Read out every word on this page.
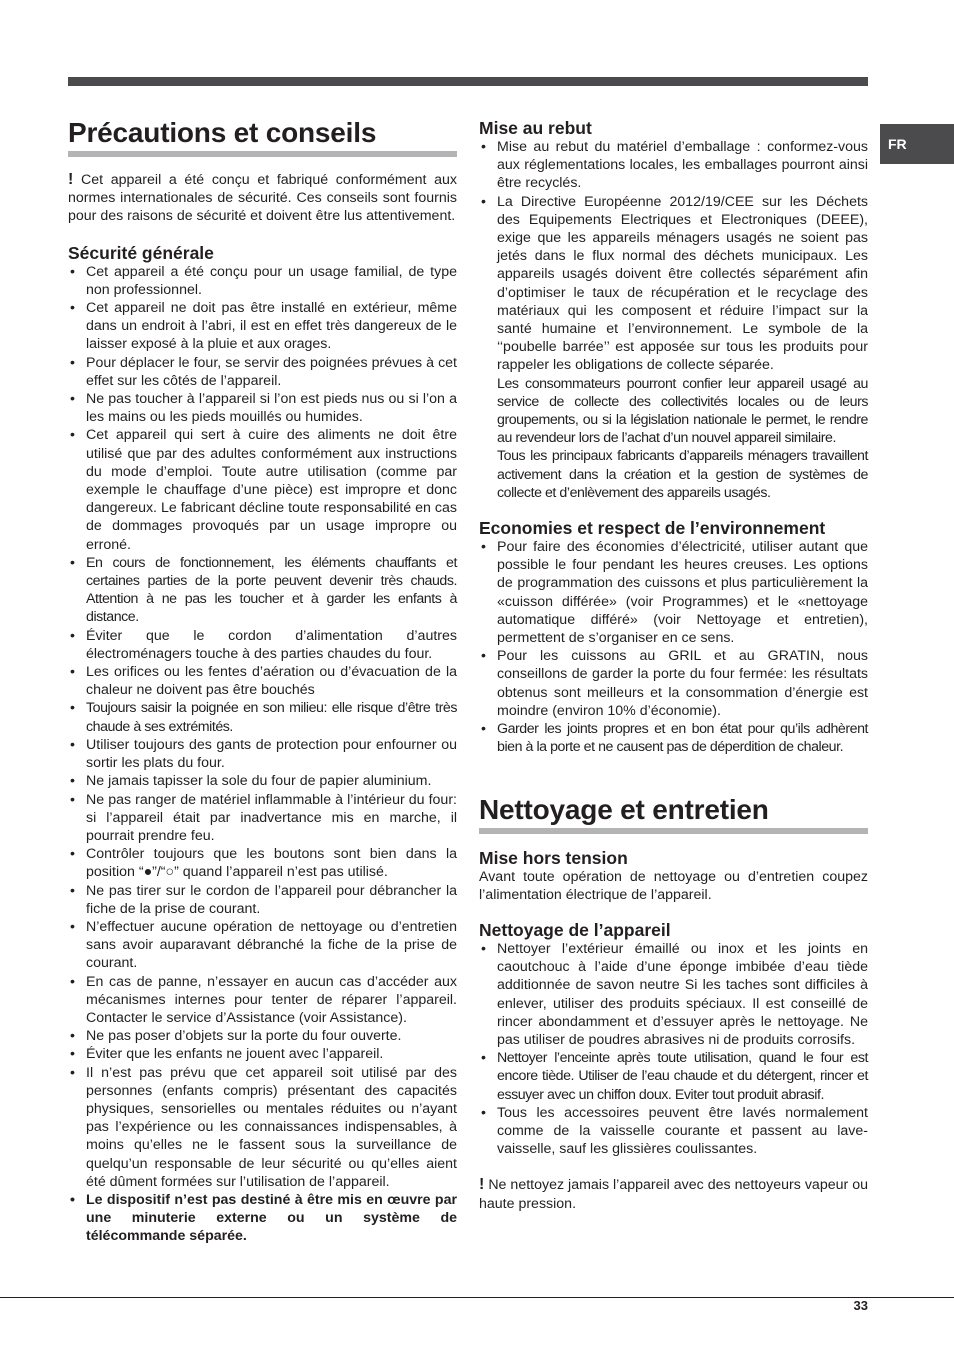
FR
Précautions et conseils

! Cet appareil a été conçu et fabriqué conformément aux normes internationales de sécurité. Ces conseils sont fournis pour des raisons de sécurité et doivent être lus attentivement.

Sécurité générale
• Cet appareil a été conçu pour un usage familial, de type non professionnel.
• Cet appareil ne doit pas être installé en extérieur, même dans un endroit à l’abri, il est en effet très dangereux de le laisser exposé à la pluie et aux orages.
• Pour déplacer le four, se servir des poignées prévues à cet effet sur les côtés de l’appareil.
• Ne pas toucher à l’appareil si l’on est pieds nus ou si l’on a les mains ou les pieds mouillés ou humides.
• Cet appareil qui sert à cuire des aliments ne doit être utilisé que par des adultes conformément aux instructions du mode d’emploi. Toute autre utilisation (comme par exemple le chauffage d’une pièce) est impropre et donc dangereux. Le fabricant décline toute responsabilité en cas de dommages provoqués par un usage impropre ou erroné.
• En cours de fonctionnement, les éléments chauffants et certaines parties de la porte peuvent devenir très chauds. Attention à ne pas les toucher et à garder les enfants à distance.
• Éviter que le cordon d’alimentation d’autres électroménagers touche à des parties chaudes du four.
• Les orifices ou les fentes d’aération ou d’évacuation de la chaleur ne doivent pas être bouchés
• Toujours saisir la poignée en son milieu: elle risque d’être très chaude à ses extrémités.
• Utiliser toujours des gants de protection pour enfourner ou sortir les plats du four.
• Ne jamais tapisser la sole du four de papier aluminium.
• Ne pas ranger de matériel inflammable à l’intérieur du four: si l’appareil était par inadvertance mis en marche, il pourrait prendre feu.
• Contrôler toujours que les boutons sont bien dans la position “●”/“○” quand l’appareil n’est pas utilisé.
• Ne pas tirer sur le cordon de l’appareil pour débrancher la fiche de la prise de courant.
• N’effectuer aucune opération de nettoyage ou d’entretien sans avoir auparavant débranché la fiche de la prise de courant.
• En cas de panne, n’essayer en aucun cas d’accéder aux mécanismes internes pour tenter de réparer l’appareil. Contacter le service d’Assistance (voir Assistance).
• Ne pas poser d’objets sur la porte du four ouverte.
• Éviter que les enfants ne jouent avec l’appareil.
• Il n’est pas prévu que cet appareil soit utilisé par des personnes (enfants compris) présentant des capacités physiques, sensorielles ou mentales réduites ou n’ayant pas l’expérience ou les connaissances indispensables, à moins qu’elles ne le fassent sous la surveillance de quelqu’un responsable de leur sécurité ou qu’elles aient été dûment formées sur l’utilisation de l’appareil.
• Le dispositif n’est pas destiné à être mis en œuvre par une minuterie externe ou un système de télécommande séparée.
Mise au rebut
• Mise au rebut du matériel d’emballage : conformez-vous aux réglementations locales, les emballages pourront ainsi être recyclés.
• La Directive Européenne 2012/19/CEE sur les Déchets des Equipements Electriques et Electroniques (DEEE), exige que les appareils ménagers usagés ne soient pas jetés dans le flux normal des déchets municipaux. Les appareils usagés doivent être collectés séparément afin d’optimiser le taux de récupération et le recyclage des matériaux qui les composent et réduire l’impact sur la santé humaine et l’environnement. Le symbole de la ‘‘poubelle barrée’’ est apposée sur tous les produits pour rappeler les obligations de collecte séparée.

Les consommateurs pourront confier leur appareil usagé au service de collecte des collectivités locales ou de leurs groupements, ou si la législation nationale le permet, le rendre au revendeur lors de l’achat d’un nouvel appareil similaire.

Tous les principaux fabricants d’appareils ménagers travaillent activement dans la création et la gestion de systèmes de collecte et d’enlèvement des appareils usagés.

Economies et respect de l’environnement
• Pour faire des économies d’électricité, utiliser autant que possible le four pendant les heures creuses. Les options de programmation des cuissons et plus particulièrement la «cuisson différée» (voir Programmes) et le «nettoyage automatique différé» (voir Nettoyage et entretien), permettent de s’organiser en ce sens.
• Pour les cuissons au GRIL et au GRATIN, nous conseillons de garder la porte du four fermée: les résultats obtenus sont meilleurs et la consommation d’énergie est moindre (environ 10% d’économie).
• Garder les joints propres et en bon état pour qu’ils adhèrent bien à la porte et ne causent pas de déperdition de chaleur.
Nettoyage et entretien
Mise hors tension

Avant toute opération de nettoyage ou d’entretien coupez l’alimentation électrique de l’appareil.

Nettoyage de l’appareil
• Nettoyer l’extérieur émaillé ou inox et les joints en caoutchouc à l’aide d’une éponge imbibée d’eau tiède additionnée de savon neutre Si les taches sont difficiles à enlever, utiliser des produits spéciaux. Il est conseillé de rincer abondamment et d’essuyer après le nettoyage. Ne pas utiliser de poudres abrasives ni de produits corrosifs.
• Nettoyer l’enceinte après toute utilisation, quand le four est encore tiède. Utiliser de l’eau chaude et du détergent, rincer et essuyer avec un chiffon doux. Eviter tout produit abrasif.
• Tous les accessoires peuvent être lavés normalement comme de la vaisselle courante et passent au lave-vaisselle, sauf les glissières coulissantes.

! Ne nettoyez jamais l’appareil avec des nettoyeurs vapeur ou haute pression.

33
